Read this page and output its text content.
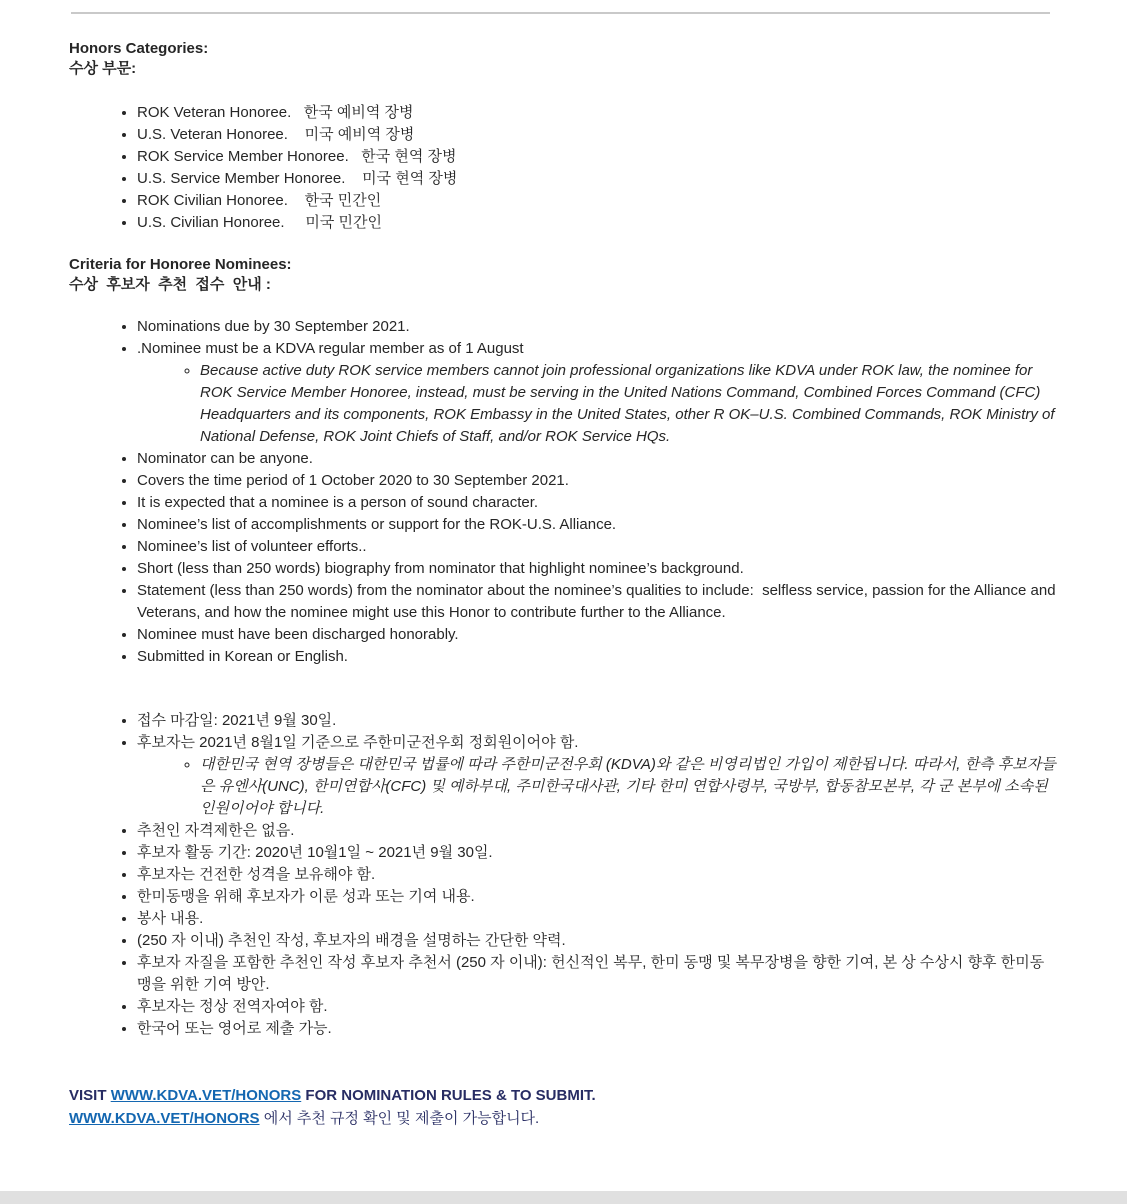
Honors Categories:
수상 부문:
• ROK Veteran Honoree.   한국 예비역 장병
• U.S. Veteran Honoree.    미국 예비역 장병
• ROK Service Member Honoree.   한국 현역 장병
• U.S. Service Member Honoree.    미국 현역 장병
• ROK Civilian Honoree.    한국 민간인
• U.S. Civilian Honoree.     미국 민간인
Criteria for Honoree Nominees:
수상  후보자  추천  접수  안내 :
• Nominations due by 30 September 2021.
• .Nominee must be a KDVA regular member as of 1 August
◦ Because active duty ROK service members cannot join professional organizations like KDVA under ROK law, the nominee for ROK Service Member Honoree, instead, must be serving in the United Nations Command, Combined Forces Command (CFC) Headquarters and its components, ROK Embassy in the United States, other R OK–U.S. Combined Commands, ROK Ministry of National Defense, ROK Joint Chiefs of Staff, and/or ROK Service HQs.
• Nominator can be anyone.
• Covers the time period of 1 October 2020 to 30 September 2021.
• It is expected that a nominee is a person of sound character.
• Nominee’s list of accomplishments or support for the ROK-U.S. Alliance.
• Nominee’s list of volunteer efforts..
• Short (less than 250 words) biography from nominator that highlight nominee’s background.
• Statement (less than 250 words) from the nominator about the nominee’s qualities to include:  selfless service, passion for the Alliance and Veterans, and how the nominee might use this Honor to contribute further to the Alliance.
• Nominee must have been discharged honorably.
• Submitted in Korean or English.
• 접수 마감일: 2021년 9월 30일.
• 후보자는 2021년 8월1일 기준으로 주한미군전우회 정회원이어야 함.
◦ 대한민국 현역 장병들은 대한민국 법률에 따라 주한미군전우회 (KDVA)와 같은 비영리법인 가입이 제한됩니다. 따라서, 한측 후보자들은 유엔사(UNC), 한미연합사(CFC) 및 예하부대, 주미한국대사관, 기타 한미 연합사령부, 국방부, 합동참모본부, 각 군 본부에 소속된 인원이어야 합니다.
• 추천인 자격제한은 없음.
• 후보자 활동 기간: 2020년 10월1일 ~ 2021년 9월 30일.
• 후보자는 건전한 성격을 보유해야 함.
• 한미동맹을 위해 후보자가 이룬 성과 또는 기여 내용.
• 봉사 내용.
• (250 자 이내) 추천인 작성, 후보자의 배경을 설명하는 간단한 약력.
• 후보자 자질을 포함한 추천인 작성 후보자 추천서 (250 자 이내): 헌신적인 복무, 한미 동맹 및 복무장병을 향한 기여, 본 상 수상시 향후 한미동맹을 위한 기여 방안.
• 후보자는 정상 전역자여야 함.
• 한국어 또는 영어로 제출 가능.
VISIT WWW.KDVA.VET/HONORS FOR NOMINATION RULES & TO SUBMIT.
WWW.KDVA.VET/HONORS 에서 추천 규정 확인 및 제출이 가능합니다.
